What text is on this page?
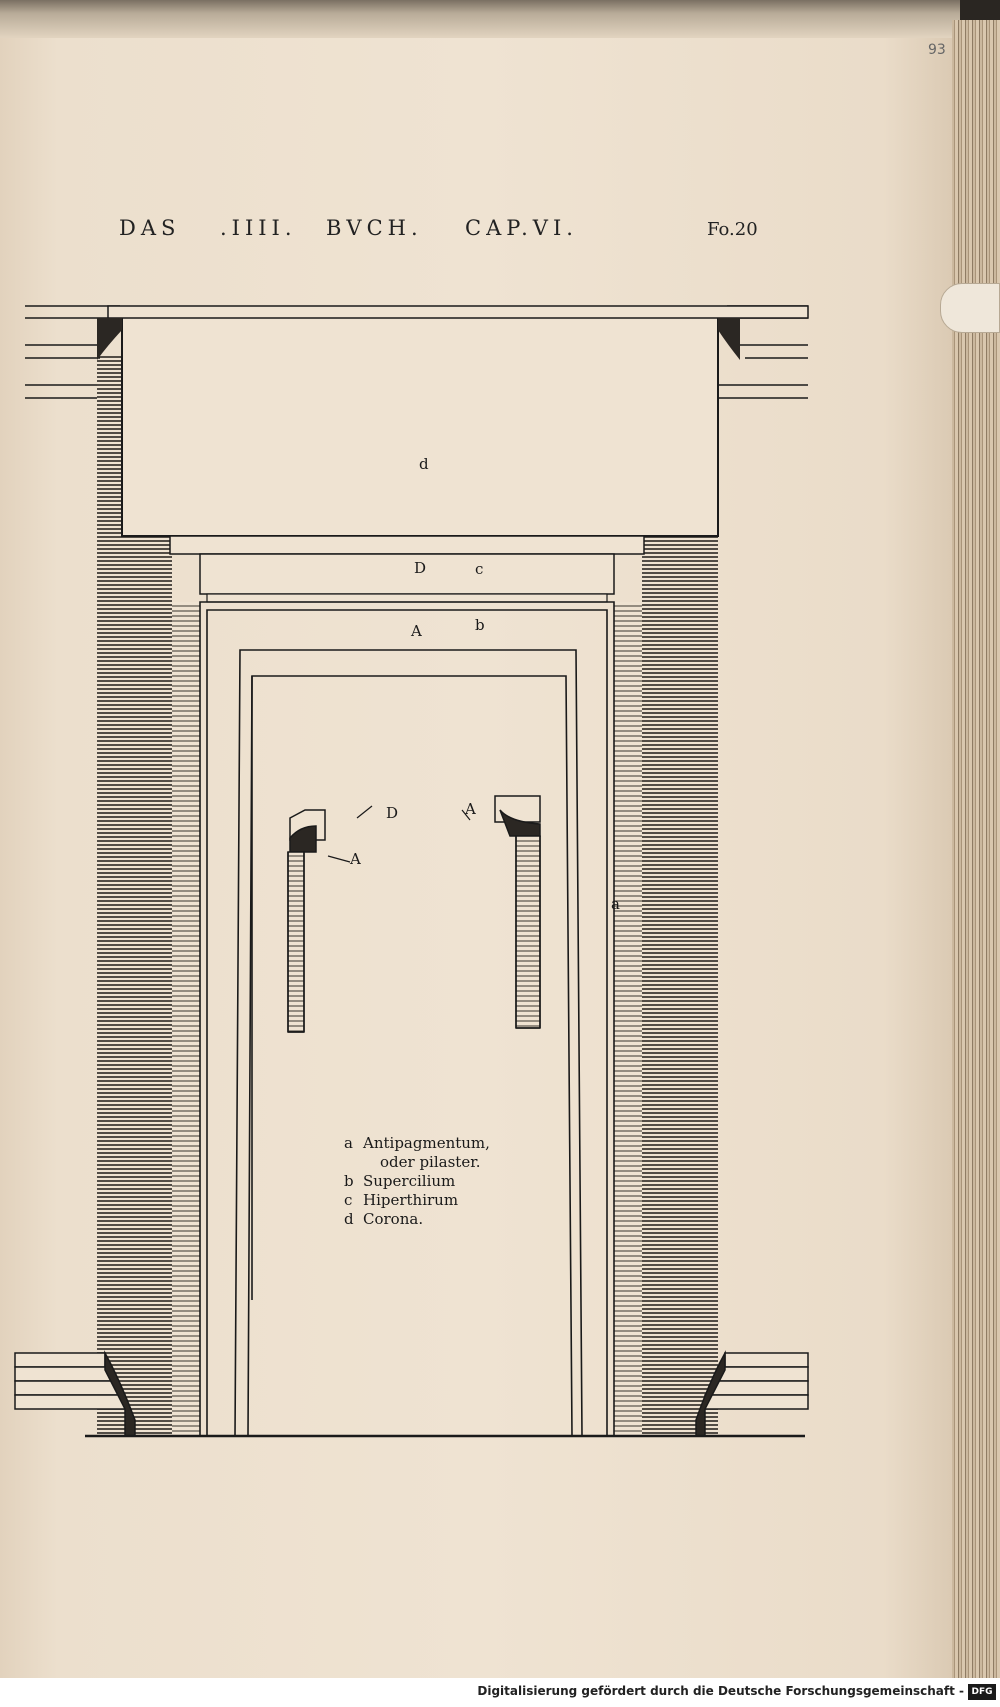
93
DAS .IIII. BVCH. CAP.VI.	Fo.20
d
D	c
A	b
D	A
A
a
a Antipagmentum,
oder pilaster.
b Supercilium
c Hiperthirum
d Corona.
Digitalisierung gefördert durch die Deutsche Forschungsgemeinschaft - DFG
